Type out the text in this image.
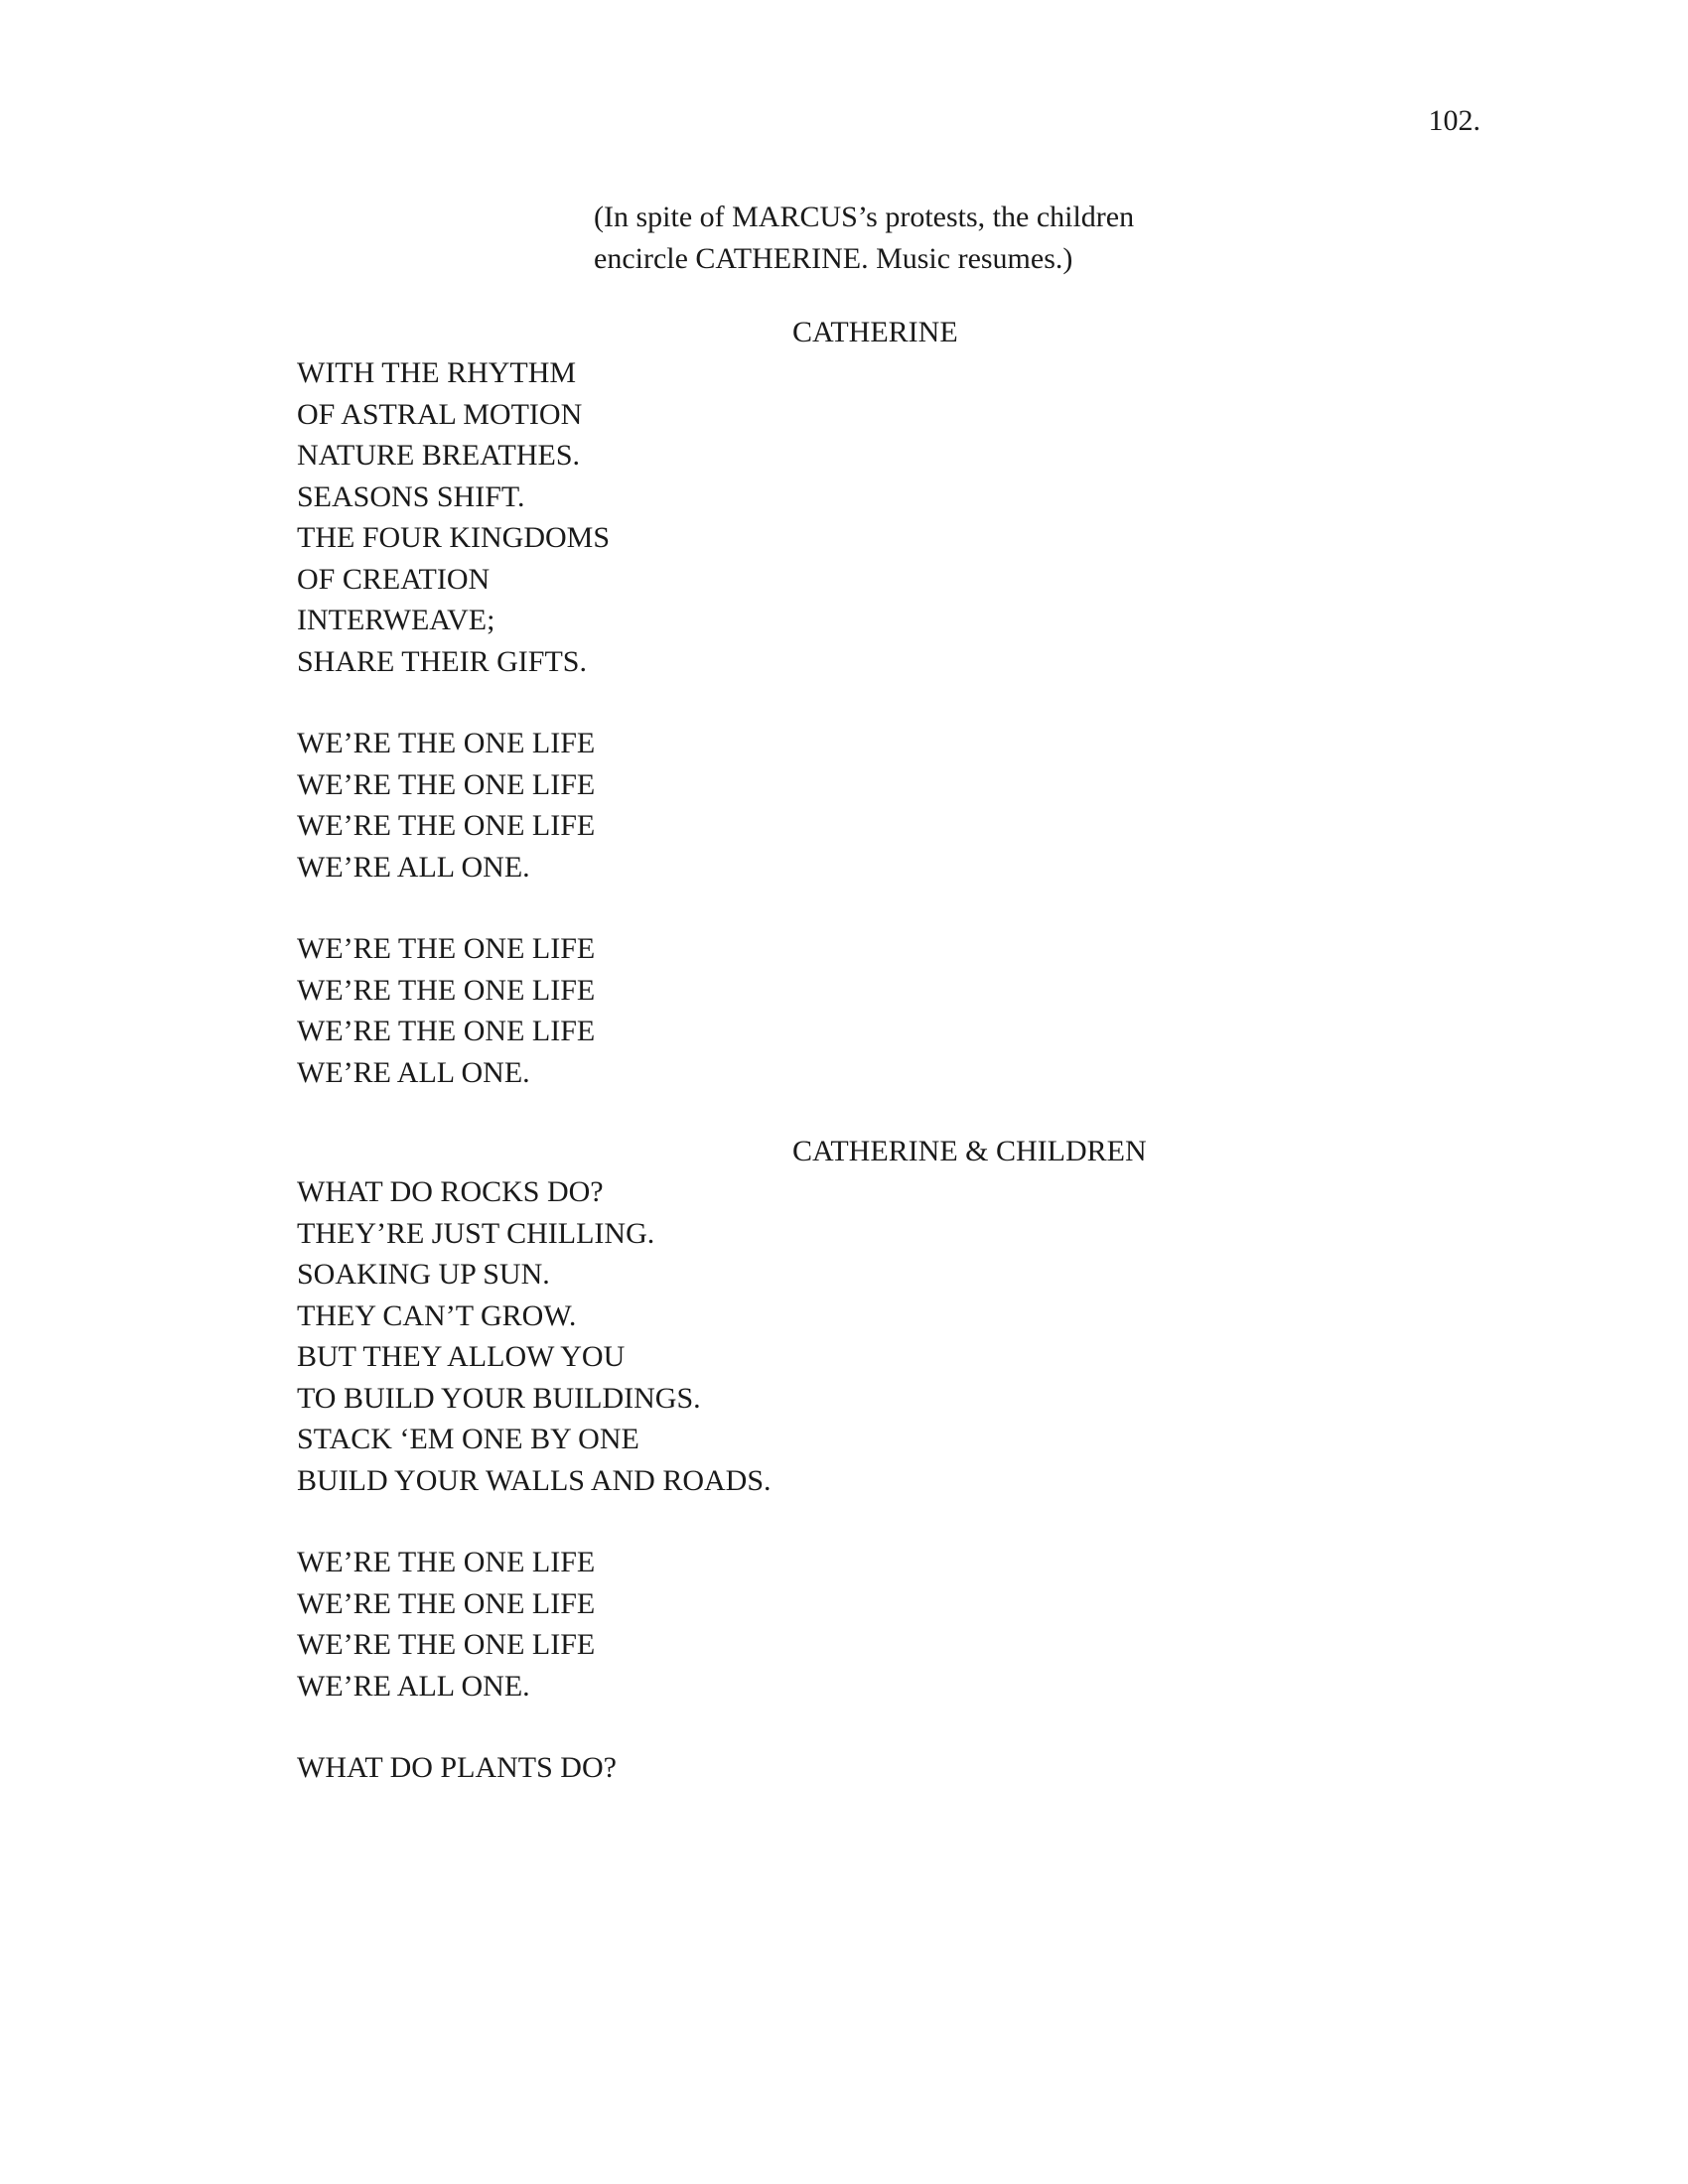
102.
(In spite of MARCUS’s protests, the children
encircle CATHERINE. Music resumes.)
CATHERINE
WITH THE RHYTHM
OF ASTRAL MOTION
NATURE BREATHES.
SEASONS SHIFT.
THE FOUR KINGDOMS
OF CREATION
INTERWEAVE;
SHARE THEIR GIFTS.
WE’RE THE ONE LIFE
WE’RE THE ONE LIFE
WE’RE THE ONE LIFE
WE’RE ALL ONE.
WE’RE THE ONE LIFE
WE’RE THE ONE LIFE
WE’RE THE ONE LIFE
WE’RE ALL ONE.
CATHERINE & CHILDREN
WHAT DO ROCKS DO?
THEY’RE JUST CHILLING.
SOAKING UP SUN.
THEY CAN’T GROW.
BUT THEY ALLOW YOU
TO BUILD YOUR BUILDINGS.
STACK ‘EM ONE BY ONE
BUILD YOUR WALLS AND ROADS.
WE’RE THE ONE LIFE
WE’RE THE ONE LIFE
WE’RE THE ONE LIFE
WE’RE ALL ONE.
WHAT DO PLANTS DO?
